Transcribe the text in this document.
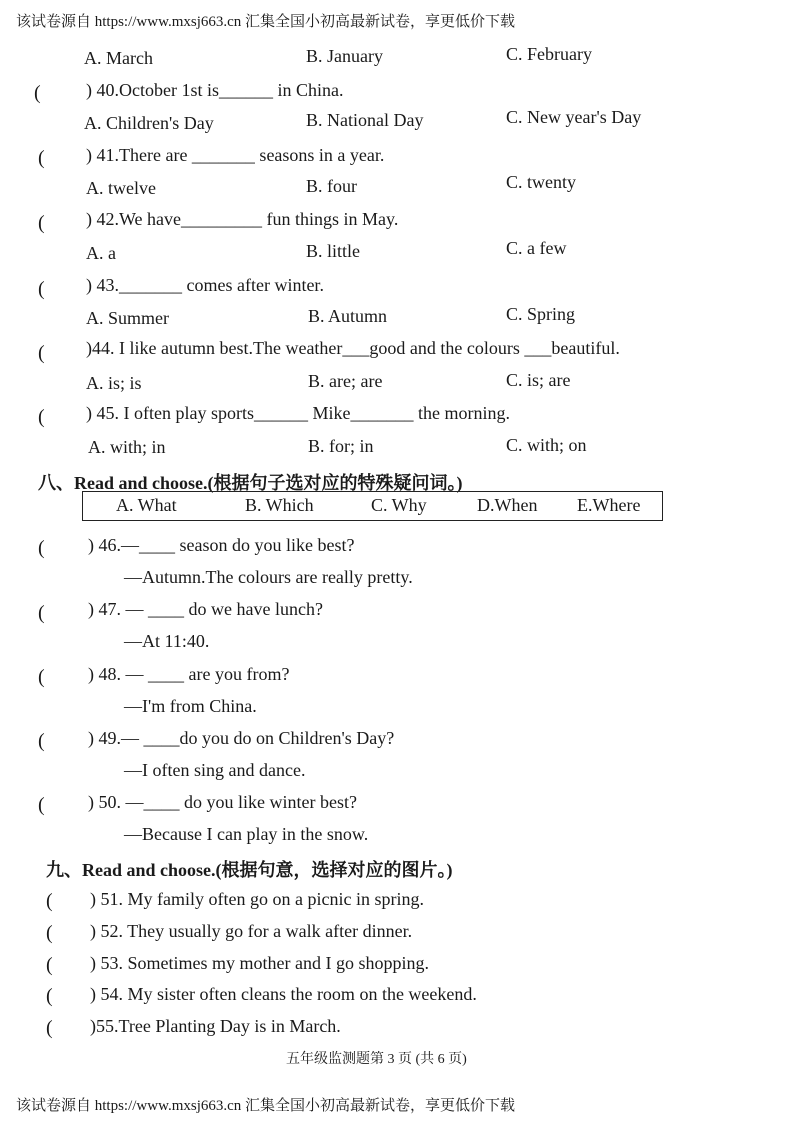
该试卷源自 https://www.mxsj663.cn 汇集全国小初高最新试卷，享更低价下载
A. March	B. January	C. February
(	) 40.October 1st is______ in China.
A. Children's Day	B. National Day	C. New year's Day
( ) 41.There are _______ seasons in a year.
A. twelve	B. four	C. twenty
( ) 42.We have_________ fun things in May.
A. a	B. little	C. a few
( ) 43._______ comes after winter.
A. Summer	B. Autumn	C. Spring
( )44. I like autumn best.The weather___good and the colours ___beautiful.
A. is; is	B. are; are	C. is; are
( ) 45. I often play sports______ Mike_______ the morning.
A. with; in	B. for; in	C. with; on
八、Read and choose.(根据句子选对应的特殊疑问词。)
A. What	B. Which	C. Why	D.When E.Where
( ) 46.—____ season do you like best?
—Autumn.The colours are really pretty.
( ) 47. — ____ do we have lunch?
—At 11:40.
( ) 48. — ____ are you from?
—I'm from China.
( ) 49.— ____do you do on Children's Day?
—I often sing and dance.
( ) 50. —____ do you like winter best?
—Because I can play in the snow.
九、Read and choose.(根据句意，选择对应的图片。)
( ) 51. My family often go on a picnic in spring.
( ) 52. They usually go for a walk after dinner.
( ) 53. Sometimes my mother and I go shopping.
( ) 54. My sister often cleans the room on the weekend.
( )55.Tree Planting Day is in March.
五年级监测题第 3 页 (共 6 页)
该试卷源自 https://www.mxsj663.cn 汇集全国小初高最新试卷，享更低价下载
